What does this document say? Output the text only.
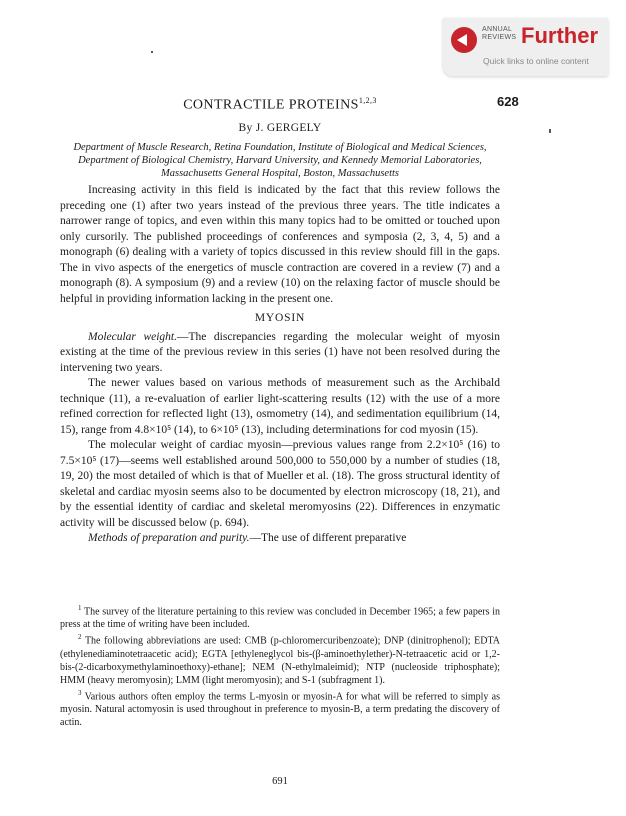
ANNUAL
REVIEWS Further
Quick links to online content
628
CONTRACTILE PROTEINS$^{1,2,3}$
By J. GERGELY
Department of Muscle Research, Retina Foundation, Institute of Biological and Medical Sciences, Department of Biological Chemistry, Harvard University, and Kennedy Memorial Laboratories, Massachusetts General Hospital, Boston, Massachusetts

Increasing activity in this field is indicated by the fact that this review follows the preceding one (1) after two years instead of the previous three years. The title indicates a narrower range of topics, and even within this many topics had to be omitted or touched upon only cursorily. The published proceedings of conferences and symposia (2, 3, 4, 5) and a monograph (6) dealing with a variety of topics discussed in this review should fill in the gaps. The in vivo aspects of the energetics of muscle contraction are covered in a review (7) and a monograph (8). A symposium (9) and a review (10) on the relaxing factor of muscle should be helpful in providing information lacking in the present one.

MYOSIN

Molecular weight.—The discrepancies regarding the molecular weight of myosin existing at the time of the previous review in this series (1) have not been resolved during the intervening two years.

The newer values based on various methods of measurement such as the Archibald technique (11), a re-evaluation of earlier light-scattering results (12) with the use of a more refined correction for reflected light (13), osmometry (14), and sedimentation equilibrium (14, 15), range from 4.8×10⁵ (14), to 6×10⁵ (13), including determinations for cod myosin (15).

The molecular weight of cardiac myosin—previous values range from 2.2×10⁵ (16) to 7.5×10⁵ (17)—seems well established around 500,000 to 550,000 by a number of studies (18, 19, 20) the most detailed of which is that of Mueller et al. (18). The gross structural identity of skeletal and cardiac myosin seems also to be documented by electron microscopy (18, 21), and by the essential identity of cardiac and skeletal meromyosins (22). Differences in enzymatic activity will be discussed below (p. 694).

Methods of preparation and purity.—The use of different preparative

$^1$ The survey of the literature pertaining to this review was concluded in December 1965; a few papers in press at the time of writing have been included.

$^2$ The following abbreviations are used: CMB (p-chloromercuribenzoate); DNP (dinitrophenol); EDTA (ethylenediaminotetraacetic acid); EGTA [ethyleneglycol bis-(β-aminoethylether)-N-tetraacetic acid or 1,2-bis-(2-dicarboxymethylaminoethoxy)-ethane]; NEM (N-ethylmaleimid); NTP (nucleoside triphosphate); HMM (heavy meromyosin); LMM (light meromyosin); and S-1 (subfragment 1).

$^3$ Various authors often employ the terms L-myosin or myosin-A for what will be referred to simply as myosin. Natural actomyosin is used throughout in preference to myosin-B, a term predating the discovery of actin.

691
